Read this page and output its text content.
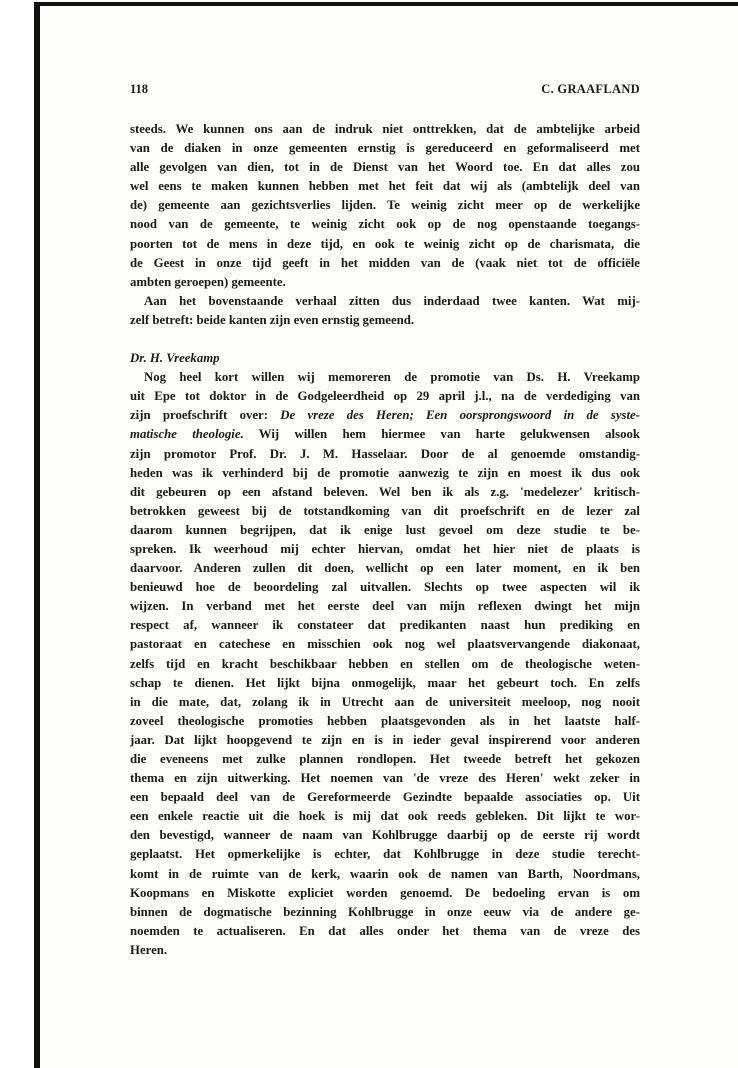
118	C. GRAAFLAND

steeds. We kunnen ons aan de indruk niet onttrekken, dat de ambtelijke arbeid

van de diaken in onze gemeenten ernstig is gereduceerd en geformaliseerd met

alle gevolgen van dien, tot in de Dienst van het Woord toe. En dat alles zou

wel eens te maken kunnen hebben met het feit dat wij als (ambtelijk deel van

de) gemeente aan gezichtsverlies lijden. Te weinig zicht meer op de werkelijke

nood van de gemeente, te weinig zicht ook op de nog openstaande toegangs-

poorten tot de mens in deze tijd, en ook te weinig zicht op de charismata, die

de Geest in onze tijd geeft in het midden van de (vaak niet tot de officiële

ambten geroepen) gemeente.

Aan het bovenstaande verhaal zitten dus inderdaad twee kanten. Wat mij-

zelf betreft: beide kanten zijn even ernstig gemeend.

Dr. H. Vreekamp

Nog heel kort willen wij memoreren de promotie van Ds. H. Vreekamp

uit Epe tot doktor in de Godgeleerdheid op 29 april j.l., na de verdediging van

zijn proefschrift over: De vreze des Heren; Een oorsprongswoord in de syste-

matische theologie. Wij willen hem hiermee van harte gelukwensen alsook

zijn promotor Prof. Dr. J. M. Hasselaar. Door de al genoemde omstandig-

heden was ik verhinderd bij de promotie aanwezig te zijn en moest ik dus ook

dit gebeuren op een afstand beleven. Wel ben ik als z.g. 'medelezer' kritisch-

betrokken geweest bij de totstandkoming van dit proefschrift en de lezer zal

daarom kunnen begrijpen, dat ik enige lust gevoel om deze studie te be-

spreken. Ik weerhoud mij echter hiervan, omdat het hier niet de plaats is

daarvoor. Anderen zullen dit doen, wellicht op een later moment, en ik ben

benieuwd hoe de beoordeling zal uitvallen. Slechts op twee aspecten wil ik

wijzen. In verband met het eerste deel van mijn reflexen dwingt het mijn

respect af, wanneer ik constateer dat predikanten naast hun prediking en

pastoraat en catechese en misschien ook nog wel plaatsvervangende diakonaat,

zelfs tijd en kracht beschikbaar hebben en stellen om de theologische weten-

schap te dienen. Het lijkt bijna onmogelijk, maar het gebeurt toch. En zelfs

in die mate, dat, zolang ik in Utrecht aan de universiteit meeloop, nog nooit

zoveel theologische promoties hebben plaatsgevonden als in het laatste half-

jaar. Dat lijkt hoopgevend te zijn en is in ieder geval inspirerend voor anderen

die eveneens met zulke plannen rondlopen. Het tweede betreft het gekozen

thema en zijn uitwerking. Het noemen van 'de vreze des Heren' wekt zeker in

een bepaald deel van de Gereformeerde Gezindte bepaalde associaties op. Uit

een enkele reactie uit die hoek is mij dat ook reeds gebleken. Dit lijkt te wor-

den bevestigd, wanneer de naam van Kohlbrugge daarbij op de eerste rij wordt

geplaatst. Het opmerkelijke is echter, dat Kohlbrugge in deze studie terecht-

komt in de ruimte van de kerk, waarin ook de namen van Barth, Noordmans,

Koopmans en Miskotte expliciet worden genoemd. De bedoeling ervan is om

binnen de dogmatische bezinning Kohlbrugge in onze eeuw via de andere ge-

noemden te actualiseren. En dat alles onder het thema van de vreze des

Heren.
